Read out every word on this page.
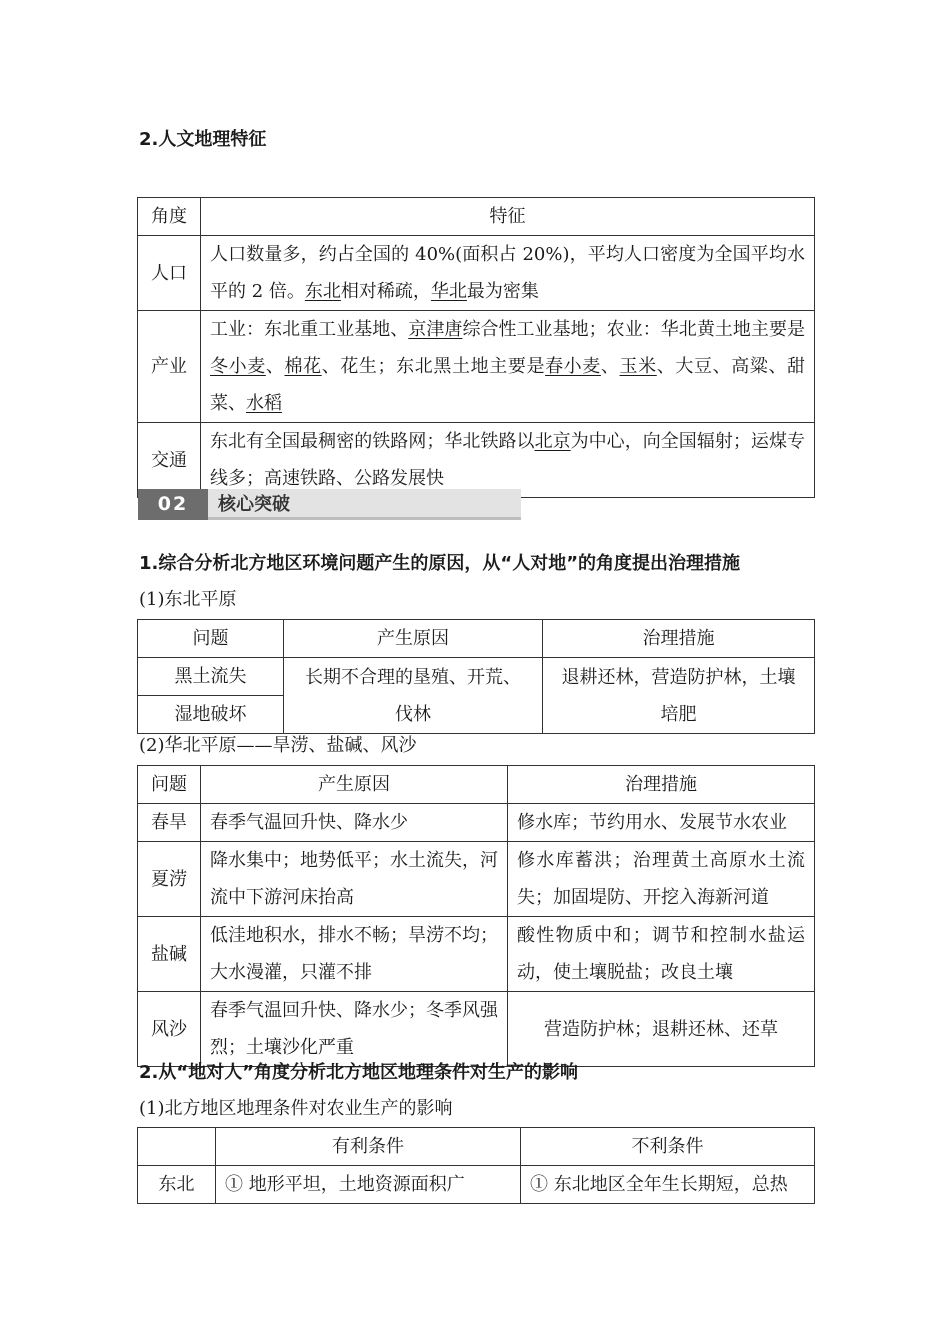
2.人文地理特征
角度	特征
人口	人口数量多，约占全国的 40%(面积占 20%)，平均人口密度为全国平均水平的 2 倍。东北相对稀疏，华北最为密集
产业	工业：东北重工业基地、京津唐综合性工业基地；农业：华北黄土地主要是冬小麦、棉花、花生；东北黑土地主要是春小麦、玉米、大豆、高粱、甜菜、水稻
交通	东北有全国最稠密的铁路网；华北铁路以北京为中心，向全国辐射；运煤专线多；高速铁路、公路发展快
02	核心突破
1.综合分析北方地区环境问题产生的原因，从“人对地”的角度提出治理措施
(1)东北平原
问题	产生原因	治理措施
黑土流失	长期不合理的垦殖、开荒、伐林	退耕还林，营造防护林，土壤培肥
湿地破坏		
(2)华北平原——旱涝、盐碱、风沙
问题	产生原因	治理措施
春旱	春季气温回升快、降水少	修水库；节约用水、发展节水农业
夏涝	降水集中；地势低平；水土流失，河流中下游河床抬高	修水库蓄洪；治理黄土高原水土流失；加固堤防、开挖入海新河道
盐碱	低洼地积水，排水不畅；旱涝不均；大水漫灌，只灌不排	酸性物质中和；调节和控制水盐运动，使土壤脱盐；改良土壤
风沙	春季气温回升快、降水少；冬季风强烈；土壤沙化严重	营造防护林；退耕还林、还草
2.从“地对人”角度分析北方地区地理条件对生产的影响
(1)北方地区地理条件对农业生产的影响
	有利条件	不利条件
东北	① 地形平坦，土地资源面积广	① 东北地区全年生长期短，总热
